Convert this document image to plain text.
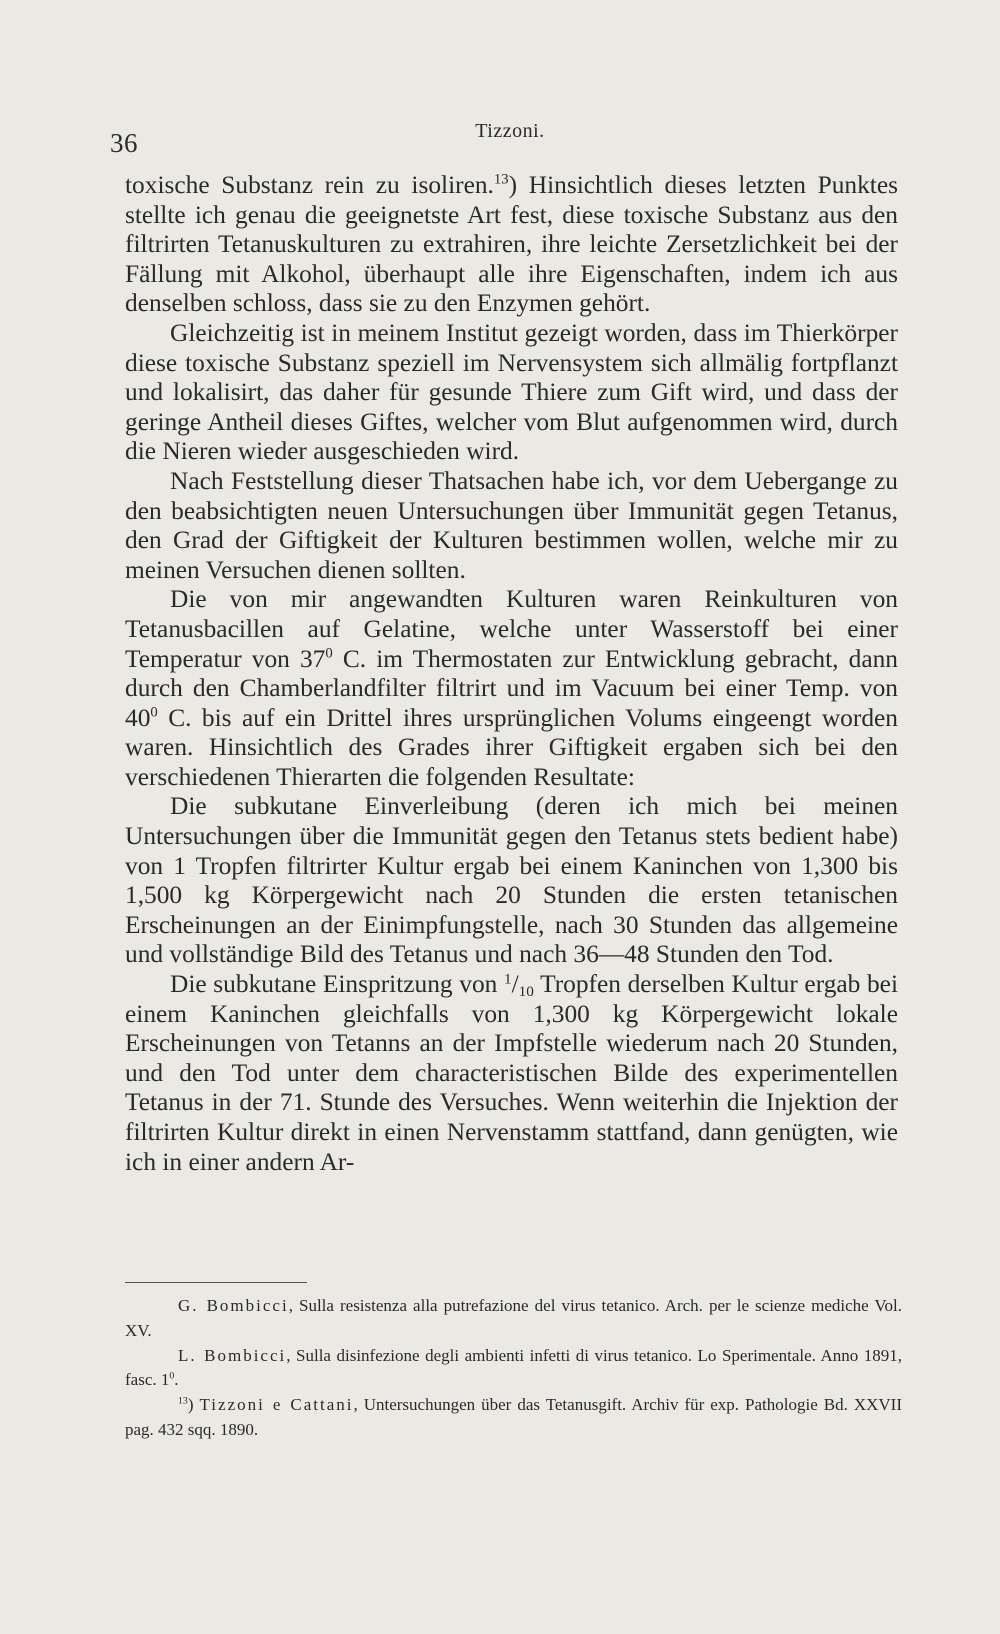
36	Tizzoni.

toxische Substanz rein zu isoliren.$^{13}$) Hinsichtlich dieses letzten Punktes stellte ich genau die geeignetste Art fest, diese toxische Substanz aus den filtrirten Tetanuskulturen zu extrahiren, ihre leichte Zersetzlichkeit bei der Fällung mit Alkohol, überhaupt alle ihre Eigenschaften, indem ich aus denselben schloss, dass sie zu den Enzymen gehört.

Gleichzeitig ist in meinem Institut gezeigt worden, dass im Thierkörper diese toxische Substanz speziell im Nervensystem sich allmälig fortpflanzt und lokalisirt, das daher für gesunde Thiere zum Gift wird, und dass der geringe Antheil dieses Giftes, welcher vom Blut aufgenommen wird, durch die Nieren wieder ausgeschieden wird.

Nach Feststellung dieser Thatsachen habe ich, vor dem Uebergange zu den beabsichtigten neuen Untersuchungen über Immunität gegen Tetanus, den Grad der Giftigkeit der Kulturen bestimmen wollen, welche mir zu meinen Versuchen dienen sollten.

Die von mir angewandten Kulturen waren Reinkulturen von Tetanusbacillen auf Gelatine, welche unter Wasserstoff bei einer Temperatur von $37^0$ C. im Thermostaten zur Entwicklung gebracht, dann durch den Chamberlandfilter filtrirt und im Vacuum bei einer Temp. von $40^0$ C. bis auf ein Drittel ihres ursprünglichen Volums eingeengt worden waren. Hinsichtlich des Grades ihrer Giftigkeit ergaben sich bei den verschiedenen Thierarten die folgenden Resultate:

Die subkutane Einverleibung (deren ich mich bei meinen Untersuchungen über die Immunität gegen den Tetanus stets bedient habe) von 1 Tropfen filtrirter Kultur ergab bei einem Kaninchen von 1,300 bis 1,500 kg Körpergewicht nach 20 Stunden die ersten tetanischen Erscheinungen an der Einimpfungstelle, nach 30 Stunden das allgemeine und vollständige Bild des Tetanus und nach 36—48 Stunden den Tod.

Die subkutane Einspritzung von $^1$/10 Tropfen derselben Kultur ergab bei einem Kaninchen gleichfalls von 1,300 kg Körpergewicht lokale Erscheinungen von Tetanns an der Impfstelle wiederum nach 20 Stunden, und den Tod unter dem characteristischen Bilde des experimentellen Tetanus in der 71. Stunde des Versuches. Wenn weiterhin die Injektion der filtrirten Kultur direkt in einen Nervenstamm stattfand, dann genügten, wie ich in einer andern Ar-

G. Bombicci, Sulla resistenza alla putrefazione del virus tetanico. Arch. per le scienze mediche Vol. XV.

L. Bombicci, Sulla disinfezione degli ambienti infetti di virus tetanico. Lo Sperimentale. Anno 1891, fasc. $1^0$.

$^{13}$) Tizzoni e Cattani, Untersuchungen über das Tetanusgift. Archiv für exp. Pathologie Bd. XXVII pag. 432 sqq. 1890.
